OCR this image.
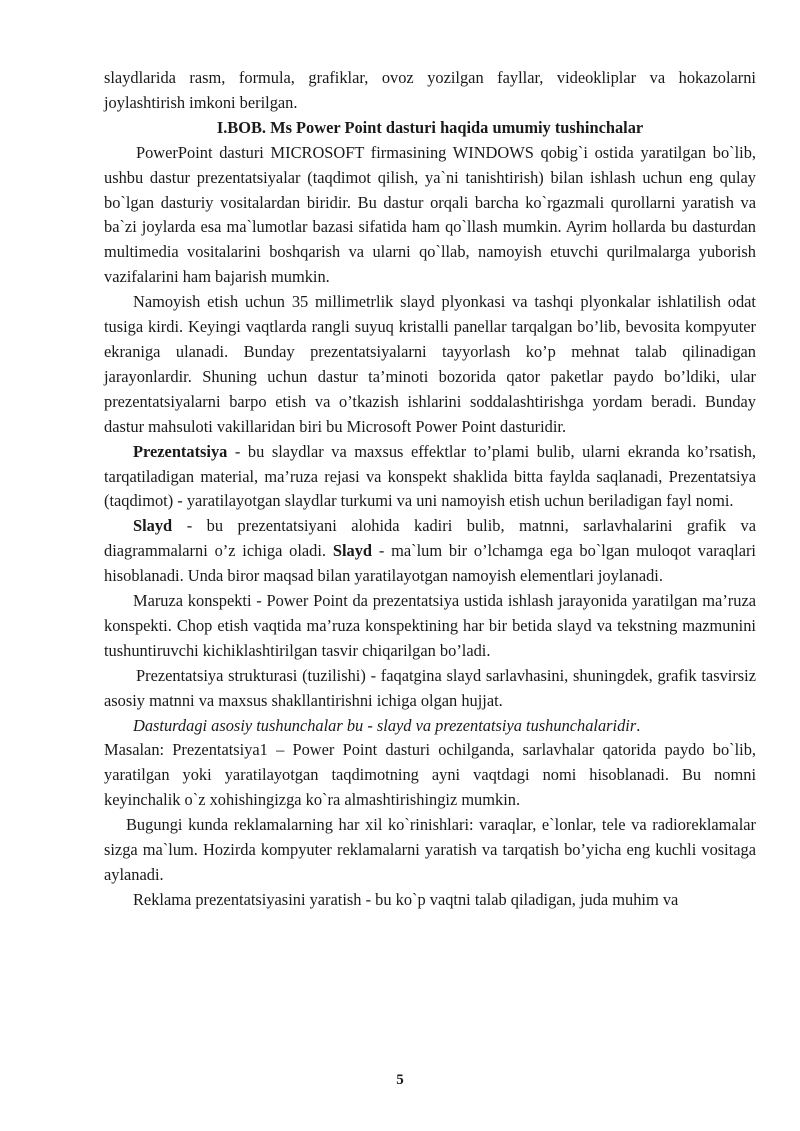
slaydlarida rasm, formula, grafiklar, ovoz yozilgan fayllar, videokliplar va hokazolarni joylashtirish imkoni berilgan.

I.BOB. Ms Power Point dasturi haqida umumiy tushinchalar

PowerPoint dasturi MICROSOFT firmasining WINDOWS qobig`i ostida yaratilgan bo`lib, ushbu dastur prezentatsiyalar (taqdimot qilish, ya`ni tanishtirish) bilan ishlash uchun eng qulay bo`lgan dasturiy vositalardan biridir. Bu dastur orqali barcha ko`rgazmali qurollarni yaratish va ba`zi joylarda esa ma`lumotlar bazasi sifatida ham qo`llash mumkin. Ayrim hollarda bu dasturdan multimedia vositalarini boshqarish va ularni qo`llab, namoyish etuvchi qurilmalarga yuborish vazifalarini ham bajarish mumkin.

Namoyish etish uchun 35 millimetrlik slayd plyonkasi va tashqi plyonkalar ishlatilish odat tusiga kirdi. Keyingi vaqtlarda rangli suyuq kristalli panellar tarqalgan bo’lib, bevosita kompyuter ekraniga ulanadi. Bunday prezentatsiyalarni tayyorlash ko’p mehnat talab qilinadigan jarayonlardir. Shuning uchun dastur ta’minoti bozorida qator paketlar paydo bo’ldiki, ular prezentatsiyalarni barpo etish va o’tkazish ishlarini soddalashtirishga yordam beradi. Bunday dastur mahsuloti vakillaridan biri bu Microsoft Power Point dasturidir.

Prezentatsiya - bu slaydlar va maxsus effektlar to’plami bulib, ularni ekranda ko’rsatish, tarqatiladigan material, ma’ruza rejasi va konspekt shaklida bitta faylda saqlanadi, Prezentatsiya (taqdimot) - yaratilayotgan slaydlar turkumi va uni namoyish etish uchun beriladigan fayl nomi.

Slayd - bu prezentatsiyani alohida kadiri bulib, matnni, sarlavhalarini grafik va diagrammalarni o’z ichiga oladi. Slayd - ma`lum bir o’lchamga ega bo`lgan muloqot varaqlari hisoblanadi. Unda biror maqsad bilan yaratilayotgan namoyish elementlari joylanadi.

Maruza konspekti - Power Point da prezentatsiya ustida ishlash jarayonida yaratilgan ma’ruza konspekti. Chop etish vaqtida ma’ruza konspektining har bir betida slayd va tekstning mazmunini tushuntiruvchi kichiklashtirilgan tasvir chiqarilgan bo’ladi.

Prezentatsiya strukturasi (tuzilishi) - faqatgina slayd sarlavhasini, shuningdek, grafik tasvirsiz asosiy matnni va maxsus shakllantirishni ichiga olgan hujjat.

Dasturdagi asosiy tushunchalar bu - slayd va prezentatsiya tushunchalaridir.

Masalan: Prezentatsiya1 – Power Point dasturi ochilganda, sarlavhalar qatorida paydo bo`lib, yaratilgan yoki yaratilayotgan taqdimotning ayni vaqtdagi nomi hisoblanadi. Bu nomni keyinchalik o`z xohishingizga ko`ra almashtirishingiz mumkin.

Bugungi kunda reklamalarning har xil ko`rinishlari: varaqlar, e`lonlar, tele va radioreklamalar sizga ma`lum. Hozirda kompyuter reklamalarni yaratish va tarqatish bo’yicha eng kuchli vositaga aylanadi.

Reklama prezentatsiyasini yaratish - bu ko`p vaqtni talab qiladigan, juda muhim va

5
